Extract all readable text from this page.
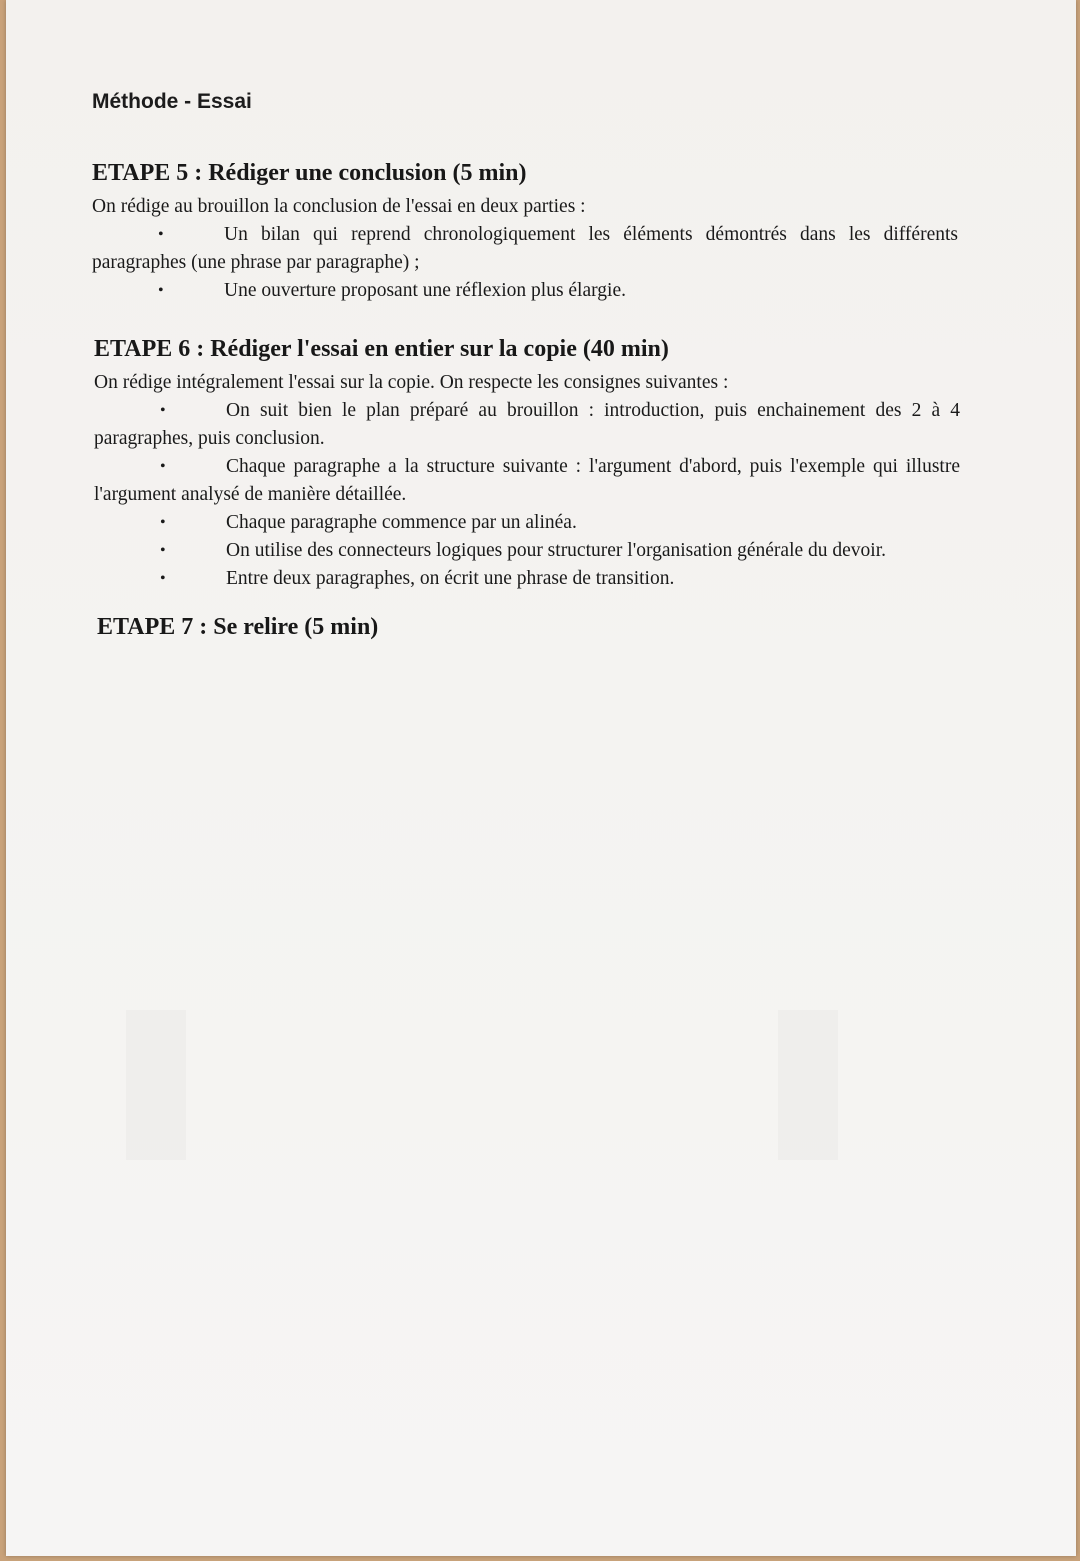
Méthode - Essai
ETAPE 5 : Rédiger une conclusion (5 min)

On rédige au brouillon la conclusion de l'essai en deux parties :

•	Un bilan qui reprend chronologiquement les éléments démontrés dans les différents paragraphes (une phrase par paragraphe) ;
•	Une ouverture proposant une réflexion plus élargie.
ETAPE 6 : Rédiger l'essai en entier sur la copie (40 min)

On rédige intégralement l'essai sur la copie. On respecte les consignes suivantes :

•	On suit bien le plan préparé au brouillon : introduction, puis enchainement des 2 à 4 paragraphes, puis conclusion.
•	Chaque paragraphe a la structure suivante : l'argument d'abord, puis l'exemple qui illustre l'argument analysé de manière détaillée.
•	Chaque paragraphe commence par un alinéa.
•	On utilise des connecteurs logiques pour structurer l'organisation générale du devoir.
•	Entre deux paragraphes, on écrit une phrase de transition.
ETAPE 7 : Se relire (5 min)
